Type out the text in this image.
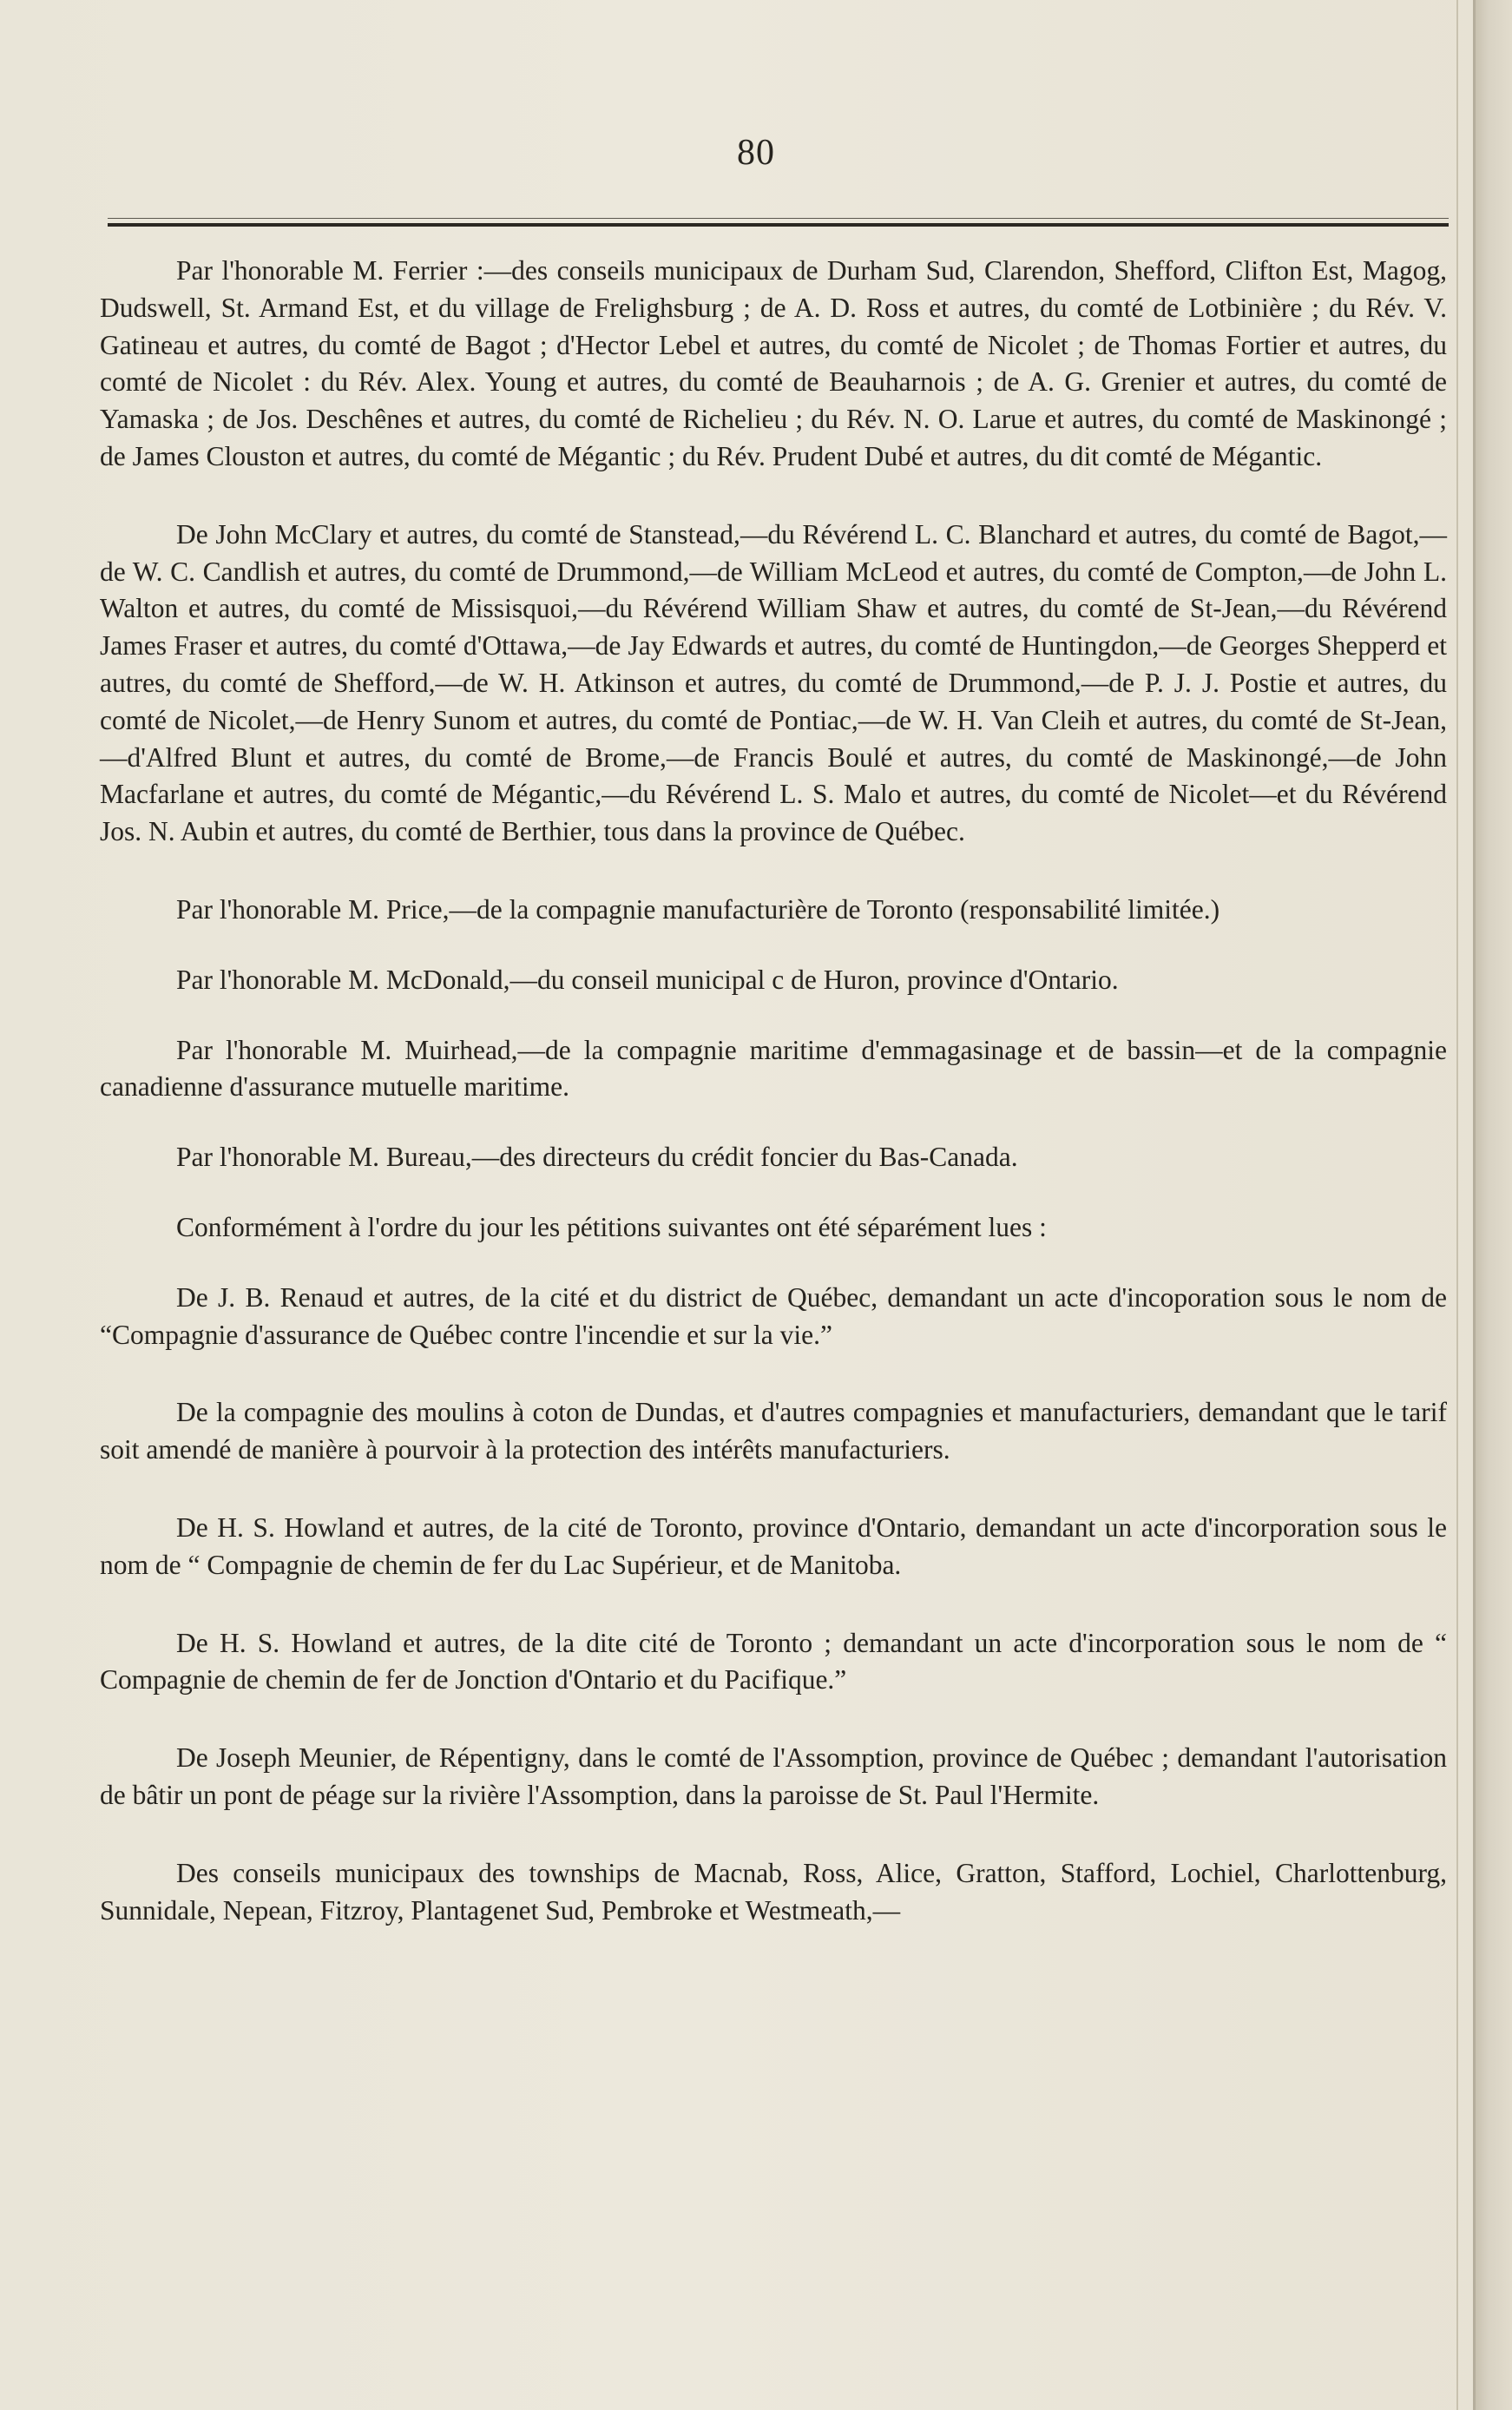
80

Par l'honorable M. Ferrier :—des conseils municipaux de Durham Sud, Clarendon, Shefford, Clifton Est, Magog, Dudswell, St. Armand Est, et du village de Frelighsburg ; de A. D. Ross et autres, du comté de Lotbinière ; du Rév. V. Gatineau et autres, du comté de Bagot ; d'Hector Lebel et autres, du comté de Nicolet ; de Thomas Fortier et autres, du comté de Nicolet : du Rév. Alex. Young et autres, du comté de Beauharnois ; de A. G. Grenier et autres, du comté de Yamaska ; de Jos. Deschênes et autres, du comté de Richelieu ; du Rév. N. O. Larue et autres, du comté de Maskinongé ; de James Clouston et autres, du comté de Mégantic ; du Rév. Prudent Dubé et autres, du dit comté de Mégantic.

De John McClary et autres, du comté de Stanstead,—du Révérend L. C. Blanchard et autres, du comté de Bagot,—de W. C. Candlish et autres, du comté de Drummond,—de William McLeod et autres, du comté de Compton,—de John L. Walton et autres, du comté de Missisquoi,—du Révérend William Shaw et autres, du comté de St-Jean,—du Révérend James Fraser et autres, du comté d'Ottawa,—de Jay Edwards et autres, du comté de Huntingdon,—de Georges Shepperd et autres, du comté de Shefford,—de W. H. Atkinson et autres, du comté de Drummond,—de P. J. J. Postie et autres, du comté de Nicolet,—de Henry Sunom et autres, du comté de Pontiac,—de W. H. Van Cleih et autres, du comté de St-Jean,—d'Alfred Blunt et autres, du comté de Brome,—de Francis Boulé et autres, du comté de Maskinongé,—de John Macfarlane et autres, du comté de Mégantic,—du Révérend L. S. Malo et autres, du comté de Nicolet—et du Révérend Jos. N. Aubin et autres, du comté de Berthier, tous dans la province de Québec.

Par l'honorable M. Price,—de la compagnie manufacturière de Toronto (responsabilité limitée.)

Par l'honorable M. McDonald,—du conseil municipal c de Huron, province d'Ontario.

Par l'honorable M. Muirhead,—de la compagnie maritime d'emmagasinage et de bassin—et de la compagnie canadienne d'assurance mutuelle maritime.

Par l'honorable M. Bureau,—des directeurs du crédit foncier du Bas-Canada.

Conformément à l'ordre du jour les pétitions suivantes ont été séparément lues :

De J. B. Renaud et autres, de la cité et du district de Québec, demandant un acte d'incoporation sous le nom de “Compagnie d'assurance de Québec contre l'incendie et sur la vie.”

De la compagnie des moulins à coton de Dundas, et d'autres compagnies et manufacturiers, demandant que le tarif soit amendé de manière à pourvoir à la protection des intérêts manufacturiers.

De H. S. Howland et autres, de la cité de Toronto, province d'Ontario, demandant un acte d'incorporation sous le nom de “ Compagnie de chemin de fer du Lac Supérieur, et de Manitoba.

De H. S. Howland et autres, de la dite cité de Toronto ; demandant un acte d'incorporation sous le nom de “ Compagnie de chemin de fer de Jonction d'Ontario et du Pacifique.”

De Joseph Meunier, de Répentigny, dans le comté de l'Assomption, province de Québec ; demandant l'autorisation de bâtir un pont de péage sur la rivière l'Assomption, dans la paroisse de St. Paul l'Hermite.

Des conseils municipaux des townships de Macnab, Ross, Alice, Gratton, Stafford, Lochiel, Charlottenburg, Sunnidale, Nepean, Fitzroy, Plantagenet Sud, Pembroke et Westmeath,—
